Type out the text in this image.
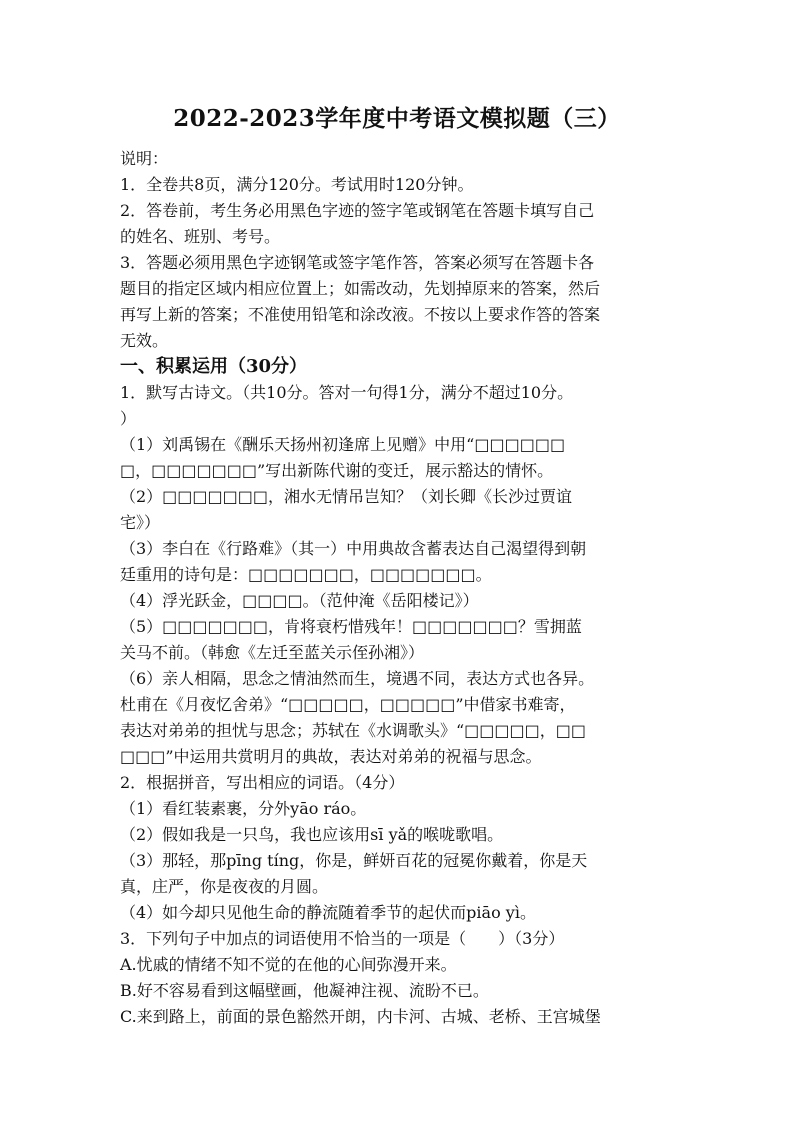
2022-2023学年度中考语文模拟题（三）
说明：
1．全卷共8页，满分120分。考试用时120分钟。
2．答卷前，考生务必用黑色字迹的签字笔或钢笔在答题卡填写自己
的姓名、班别、考号。
3．答题必须用黑色字迹钢笔或签字笔作答，答案必须写在答题卡各
题目的指定区域内相应位置上；如需改动，先划掉原来的答案，然后
再写上新的答案；不准使用铅笔和涂改液。不按以上要求作答的答案
无效。
一、积累运用（30分）
1．默写古诗文。（共10分。答对一句得1分，满分不超过10分。
）
（1）刘禹锡在《酬乐天扬州初逢席上见赠》中用“□□□□□□
□，□□□□□□□”写出新陈代谢的变迁，展示豁达的情怀。
（2）□□□□□□□，湘水无情吊岂知？（刘长卿《长沙过贾谊
宅》）
（3）李白在《行路难》（其一）中用典故含蓄表达自己渴望得到朝
廷重用的诗句是：□□□□□□□，□□□□□□□。
（4）浮光跃金，□□□□。（范仲淹《岳阳楼记》）
（5）□□□□□□□，肯将衰朽惜残年！□□□□□□□？雪拥蓝
关马不前。（韩愈《左迁至蓝关示侄孙湘》）
（6）亲人相隔，思念之情油然而生，境遇不同，表达方式也各异。
杜甫在《月夜忆舍弟》“□□□□□，□□□□□”中借家书难寄，
表达对弟弟的担忧与思念；苏轼在《水调歌头》“□□□□□，□□
□□□”中运用共赏明月的典故，表达对弟弟的祝福与思念。
2．根据拼音，写出相应的词语。（4分）
（1）看红装素裹，分外yāo ráo。
（2）假如我是一只鸟，我也应该用sī yǎ的喉咙歌唱。
（3）那轻，那pīng tíng，你是，鲜妍百花的冠冕你戴着，你是天
真，庄严，你是夜夜的月圆。
（4）如今却只见他生命的静流随着季节的起伏而piāo yì。
3．下列句子中加点的词语使用不恰当的一项是（　　）（3分）
A.忧戚的情绪不知不觉的在他的心间弥漫开来。
B.好不容易看到这幅壁画，他凝神注视、流盼不已。
C.来到路上，前面的景色豁然开朗，内卡河、古城、老桥、王宫城堡
